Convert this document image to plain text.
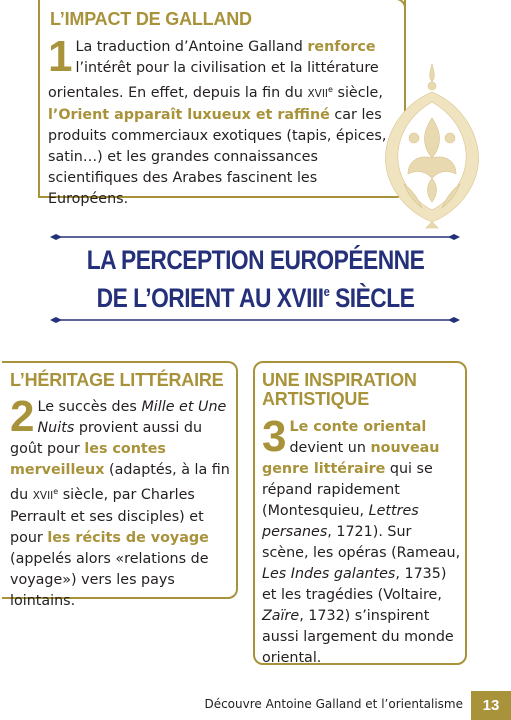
L’IMPACT DE GALLAND
1 La traduction d’Antoine Galland renforce l’intérêt pour la civilisation et la littérature orientales. En effet, depuis la fin du XVIIe siècle, l’Orient apparaît luxueux et raffiné car les produits commerciaux exotiques (tapis, épices, satin…) et les grandes connaissances scientifiques des Arabes fascinent les Européens.
LA PERCEPTION EUROPÉENNE
DE L’ORIENT AU XVIIIe SIÈCLE
L’HÉRITAGE LITTÉRAIRE
2 Le succès des Mille et Une Nuits provient aussi du goût pour les contes merveilleux (adaptés, à la fin du XVIIe siècle, par Charles Perrault et ses disciples) et pour les récits de voyage (appelés alors «relations de voyage») vers les pays lointains.
UNE INSPIRATION ARTISTIQUE
3 Le conte oriental devient un nouveau genre littéraire qui se répand rapidement (Montesquieu, Lettres persanes, 1721). Sur scène, les opéras (Rameau, Les Indes galantes, 1735) et les tragédies (Voltaire, Zaïre, 1732) s’inspirent aussi largement du monde oriental.
Découvre Antoine Galland et l’orientalisme	13
